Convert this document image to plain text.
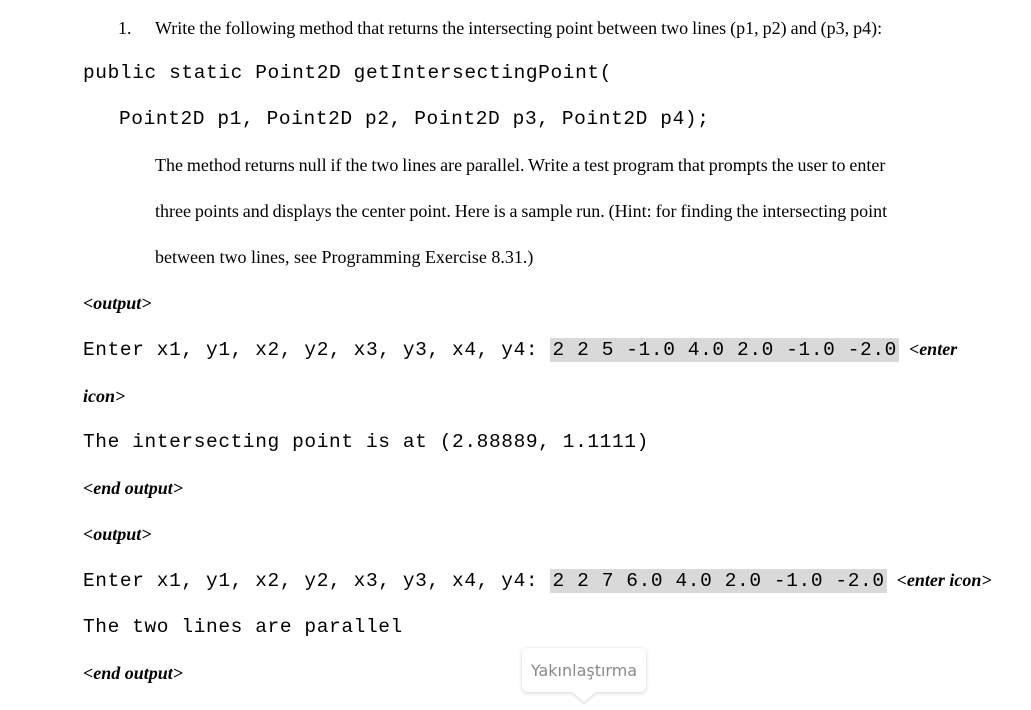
1. Write the following method that returns the intersecting point between two lines (p1, p2) and (p3, p4):
public static Point2D getIntersectingPoint(
Point2D p1, Point2D p2, Point2D p3, Point2D p4);
The method returns null if the two lines are parallel. Write a test program that prompts the user to enter
three points and displays the center point. Here is a sample run. (Hint: for finding the intersecting point
between two lines, see Programming Exercise 8.31.)
<output>
Enter x1, y1, x2, y2, x3, y3, x4, y4: 2 2 5 -1.0 4.0 2.0 -1.0 -2.0 <enter
icon>
The intersecting point is at (2.88889, 1.1111)
<end output>
<output>
Enter x1, y1, x2, y2, x3, y3, x4, y4: 2 2 7 6.0 4.0 2.0 -1.0 -2.0 <enter icon>
The two lines are parallel
<end output>	Yakınlaştırma
